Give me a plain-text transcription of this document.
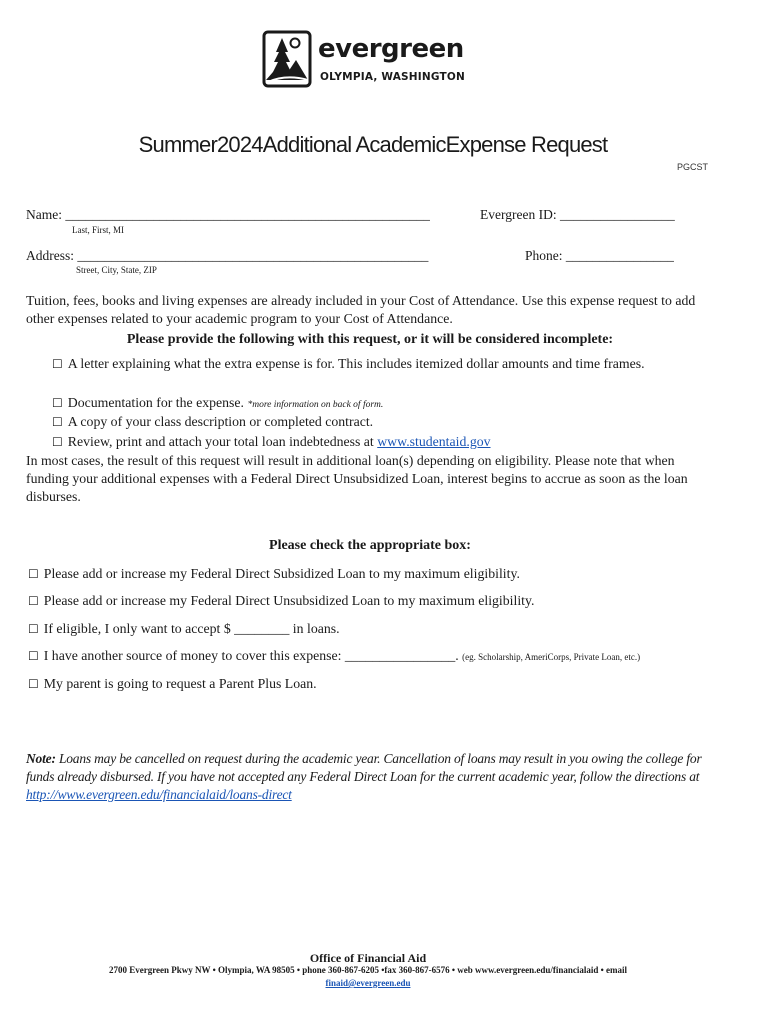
evergreen
OLYMPIA, WASHINGTON
Summer2024Additional AcademicExpense Request
PGCST
Name: ______________________________________________________
Last, First, MI
Evergreen ID: _________________
Address: ____________________________________________________
Street, City, State, ZIP
Phone: ________________
Tuition, fees, books and living expenses are already included in your Cost of Attendance. Use this expense request to add other expenses related to your academic program to your Cost of Attendance.
Please provide the following with this request, or it will be considered incomplete:
☐ A letter explaining what the extra expense is for. This includes itemized dollar amounts and time frames.
☐ Documentation for the expense. *more information on back of form.
☐ A copy of your class description or completed contract.
☐ Review, print and attach your total loan indebtedness at www.studentaid.gov
In most cases, the result of this request will result in additional loan(s) depending on eligibility. Please note that when funding your additional expenses with a Federal Direct Unsubsidized Loan, interest begins to accrue as soon as the loan disburses.
Please check the appropriate box:
☐ Please add or increase my Federal Direct Subsidized Loan to my maximum eligibility.
☐ Please add or increase my Federal Direct Unsubsidized Loan to my maximum eligibility.
☐ If eligible, I only want to accept $ ________ in loans.
☐ I have another source of money to cover this expense: ________________. (eg. Scholarship, AmeriCorps, Private Loan, etc.)
☐ My parent is going to request a Parent Plus Loan.
Note: Loans may be cancelled on request during the academic year. Cancellation of loans may result in you owing the college for funds already disbursed. If you have not accepted any Federal Direct Loan for the current academic year, follow the directions at http://www.evergreen.edu/financialaid/loans-direct
Office of Financial Aid
2700 Evergreen Pkwy NW • Olympia, WA 98505 • phone 360-867-6205 •fax 360-867-6576 • web www.evergreen.edu/financialaid • email
finaid@evergreen.edu
